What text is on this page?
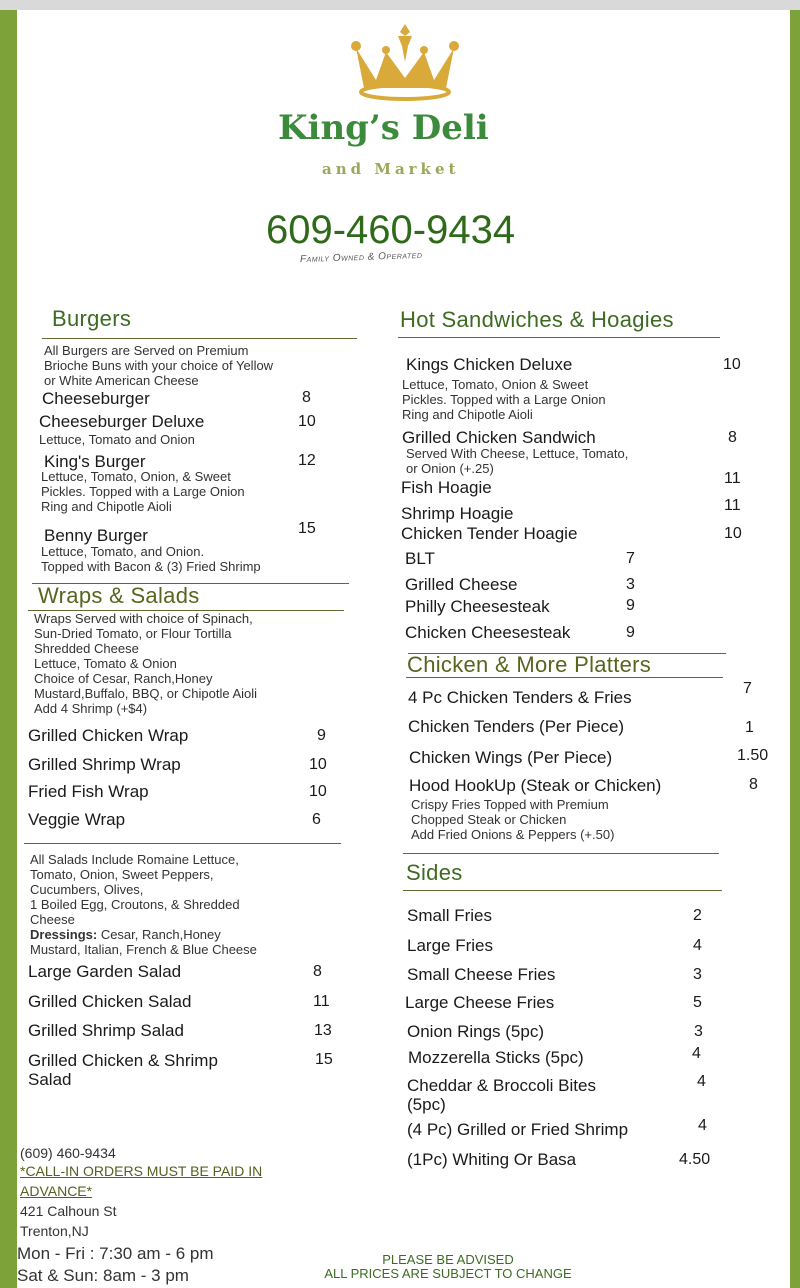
King’s Deli
and Market
609-460-9434
Family Owned & Operated
Burgers
All Burgers are Served on Premium
Brioche Buns with your choice of Yellow
or White American Cheese
Cheeseburger	8
Cheeseburger Deluxe	10
Lettuce, Tomato and Onion
King's Burger	12
Lettuce, Tomato, Onion, & Sweet
Pickles. Topped with a Large Onion
Ring and Chipotle Aioli
Benny Burger	15
Lettuce, Tomato, and Onion.
Topped with Bacon & (3) Fried Shrimp
Wraps & Salads
Wraps Served with choice of Spinach,
Sun-Dried Tomato, or Flour Tortilla
Shredded Cheese
Lettuce, Tomato & Onion
Choice of Cesar, Ranch,Honey
Mustard,Buffalo, BBQ, or Chipotle Aioli
Add 4 Shrimp (+$4)
Grilled Chicken Wrap	9
Grilled Shrimp Wrap	10
Fried Fish Wrap	10
Veggie Wrap	6
All Salads Include Romaine Lettuce,
Tomato, Onion, Sweet Peppers,
Cucumbers, Olives,
1 Boiled Egg, Croutons, & Shredded
Cheese
Dressings: Cesar, Ranch,Honey
Mustard, Italian, French & Blue Cheese
Large Garden Salad	8
Grilled Chicken Salad	11
Grilled Shrimp Salad	13
Grilled Chicken & Shrimp
Salad
15
(609) 460-9434
*CALL-IN ORDERS MUST BE PAID IN
ADVANCE*
421 Calhoun St
Trenton,NJ
Mon - Fri : 7:30 am - 6 pm
Sat & Sun: 8am - 3 pm
PLEASE BE ADVISED
ALL PRICES ARE SUBJECT TO CHANGE
Hot Sandwiches & Hoagies
Kings Chicken Deluxe	10
Lettuce, Tomato, Onion & Sweet
Pickles. Topped with a Large Onion
Ring and Chipotle Aioli
Grilled Chicken Sandwich	8
Served With Cheese, Lettuce, Tomato,
or Onion (+.25)
Fish Hoagie	11
Shrimp Hoagie	11
Chicken Tender Hoagie	10
BLT	7
Grilled Cheese	3
Philly Cheesesteak	9
Chicken Cheesesteak	9
Chicken & More Platters
4 Pc Chicken Tenders & Fries	7
Chicken Tenders (Per Piece)	1
Chicken Wings (Per Piece)	1.50
Hood HookUp (Steak or Chicken)	8
Crispy Fries Topped with Premium
Chopped Steak or Chicken
Add Fried Onions & Peppers (+.50)
Sides
Small Fries	2
Large Fries	4
Small Cheese Fries	3
Large Cheese Fries	5
Onion Rings (5pc)	3
Mozzerella Sticks (5pc)	4
Cheddar & Broccoli Bites
(5pc)
4
(4 Pc) Grilled or Fried Shrimp	4
(1Pc) Whiting Or Basa	4.50
